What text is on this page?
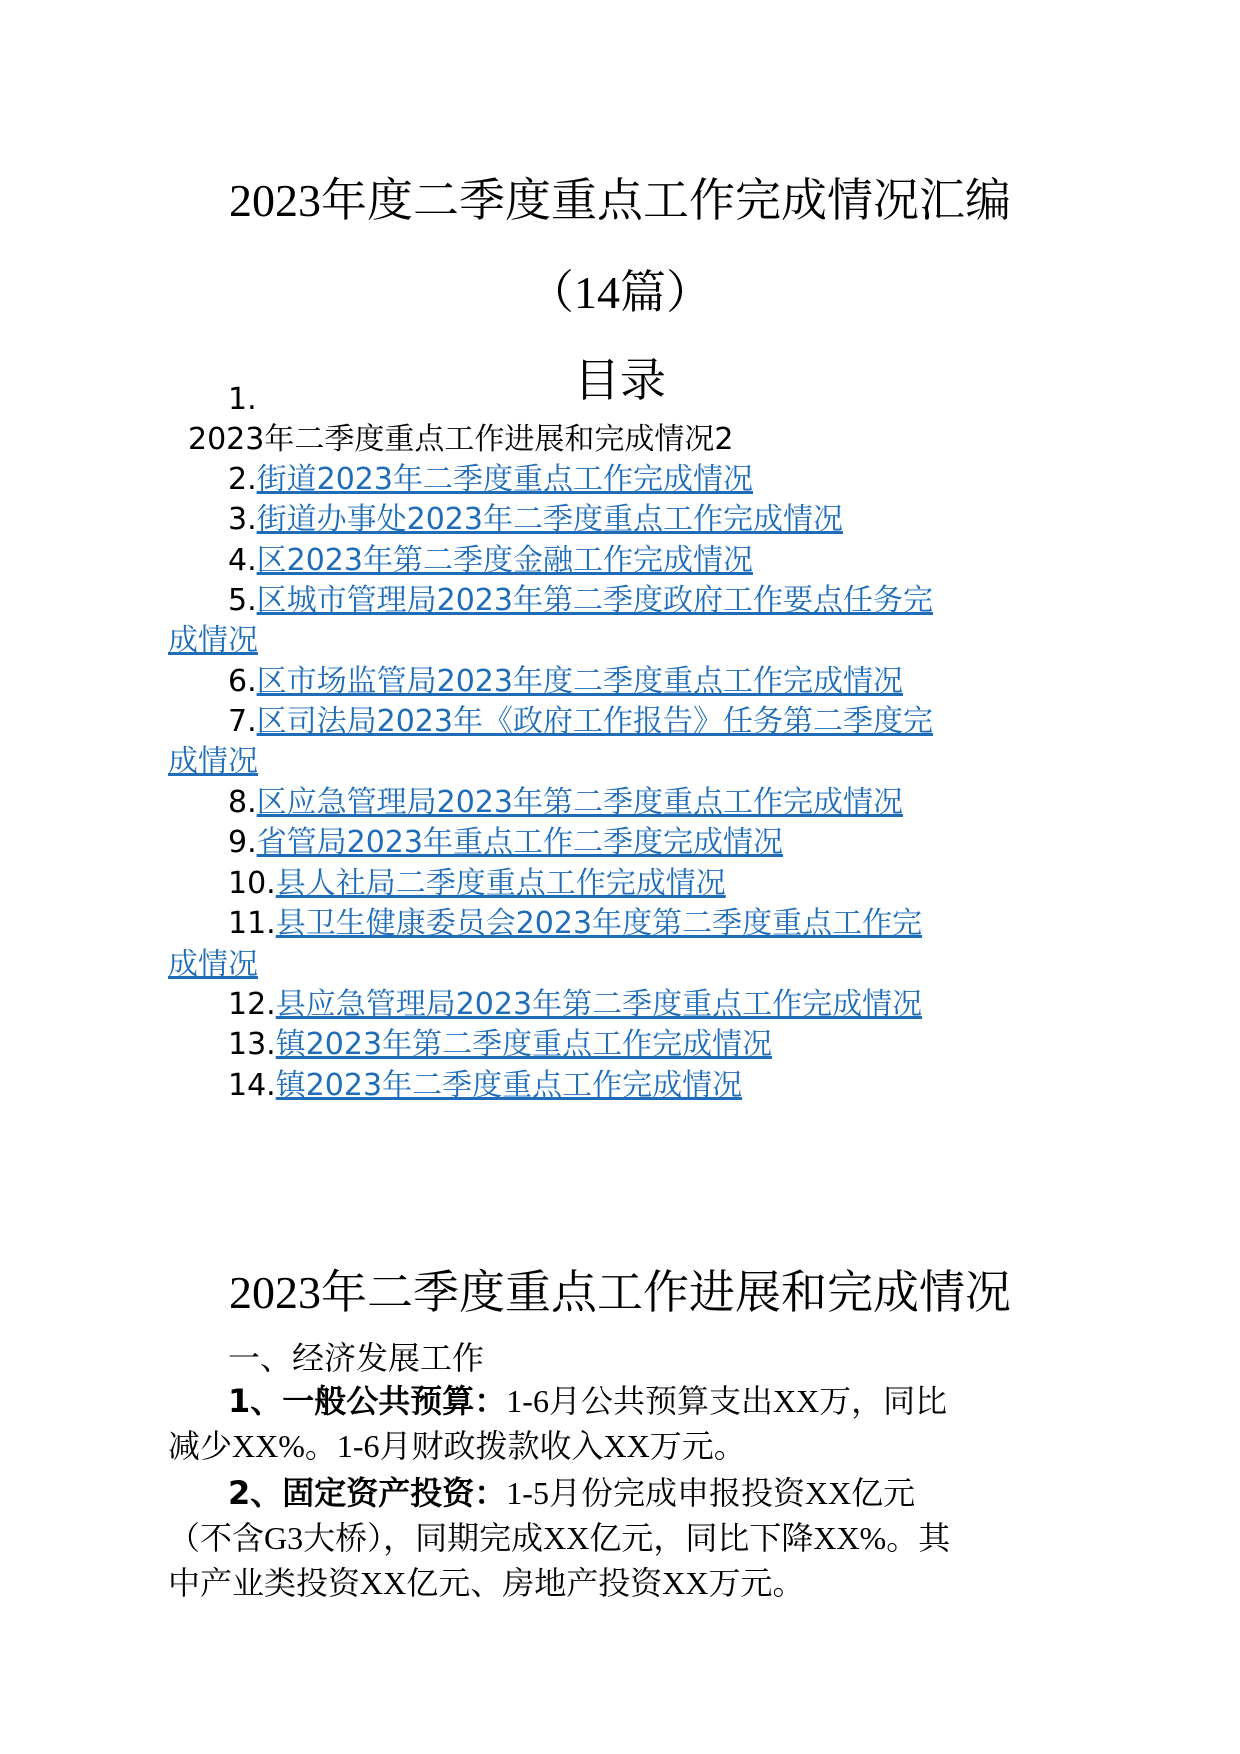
2023年度二季度重点工作完成情况汇编
（14篇）
目录
1.
2023年二季度重点工作进展和完成情况2
2.街道2023年二季度重点工作完成情况
3.街道办事处2023年二季度重点工作完成情况
4.区2023年第二季度金融工作完成情况
5.区城市管理局2023年第二季度政府工作要点任务完
成情况
6.区市场监管局2023年度二季度重点工作完成情况
7.区司法局2023年《政府工作报告》任务第二季度完
成情况
8.区应急管理局2023年第二季度重点工作完成情况
9.省管局2023年重点工作二季度完成情况
10.县人社局二季度重点工作完成情况
11.县卫生健康委员会2023年度第二季度重点工作完
成情况
12.县应急管理局2023年第二季度重点工作完成情况
13.镇2023年第二季度重点工作完成情况
14.镇2023年二季度重点工作完成情况
2023年二季度重点工作进展和完成情况
一、经济发展工作
1、一般公共预算：1-6月公共预算支出XX万，同比
减少XX%。1-6月财政拨款收入XX万元。
2、固定资产投资：1-5月份完成申报投资XX亿元
（不含G3大桥），同期完成XX亿元，同比下降XX%。其
中产业类投资XX亿元、房地产投资XX万元。
